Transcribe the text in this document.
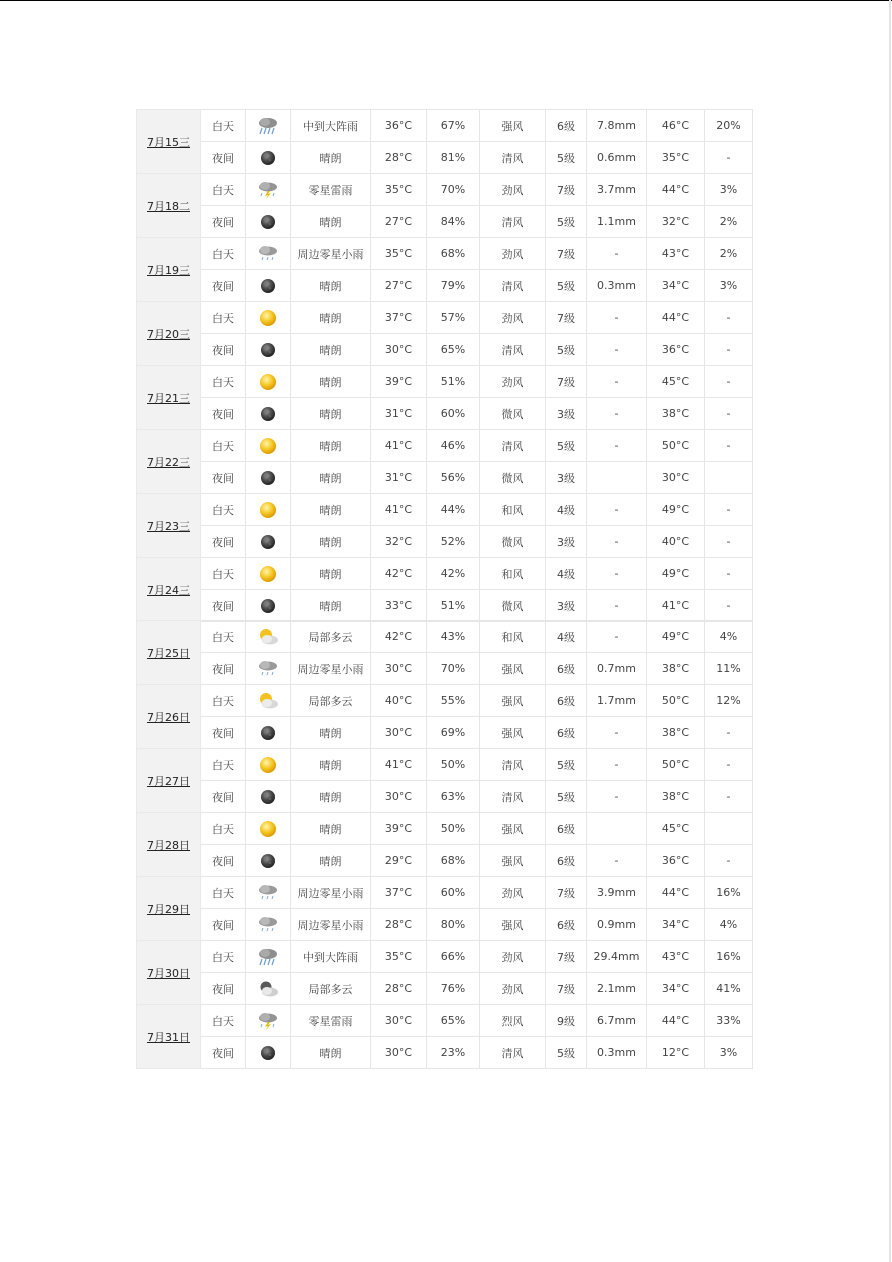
7月15三	白天		中到大阵雨	36°C	67%	强风	6级	7.8mm	46°C	20%
	夜间		晴朗	28°C	81%	清风	5级	0.6mm	35°C	-
7月18二	白天		零星雷雨	35°C	70%	劲风	7级	3.7mm	44°C	3%
	夜间		晴朗	27°C	84%	清风	5级	1.1mm	32°C	2%
7月19三	白天		周边零星小雨	35°C	68%	劲风	7级	-	43°C	2%
	夜间		晴朗	27°C	79%	清风	5级	0.3mm	34°C	3%
7月20三	白天		晴朗	37°C	57%	劲风	7级	-	44°C	-
	夜间		晴朗	30°C	65%	清风	5级	-	36°C	-
7月21三	白天		晴朗	39°C	51%	劲风	7级	-	45°C	-
	夜间		晴朗	31°C	60%	微风	3级	-	38°C	-
7月22三	白天		晴朗	41°C	46%	清风	5级	-	50°C	-
	夜间		晴朗	31°C	56%	微风	3级		30°C	
7月23三	白天		晴朗	41°C	44%	和风	4级	-	49°C	-
	夜间		晴朗	32°C	52%	微风	3级	-	40°C	-
7月24三	白天		晴朗	42°C	42%	和风	4级	-	49°C	-
	夜间		晴朗	33°C	51%	微风	3级	-	41°C	-
7月25日	白天		局部多云	42°C	43%	和风	4级	-	49°C	4%
	夜间		周边零星小雨	30°C	70%	强风	6级	0.7mm	38°C	11%
7月26日	白天		局部多云	40°C	55%	强风	6级	1.7mm	50°C	12%
	夜间		晴朗	30°C	69%	强风	6级	-	38°C	-
7月27日	白天		晴朗	41°C	50%	清风	5级	-	50°C	-
	夜间		晴朗	30°C	63%	清风	5级	-	38°C	-
7月28日	白天		晴朗	39°C	50%	强风	6级		45°C	
	夜间		晴朗	29°C	68%	强风	6级	-	36°C	-
7月29日	白天		周边零星小雨	37°C	60%	劲风	7级	3.9mm	44°C	16%
	夜间		周边零星小雨	28°C	80%	强风	6级	0.9mm	34°C	4%
7月30日	白天		中到大阵雨	35°C	66%	劲风	7级	29.4mm	43°C	16%
	夜间		局部多云	28°C	76%	劲风	7级	2.1mm	34°C	41%
7月31日	白天		零星雷雨	30°C	65%	烈风	9级	6.7mm	44°C	33%
	夜间		晴朗	30°C	23%	清风	5级	0.3mm	12°C	3%
